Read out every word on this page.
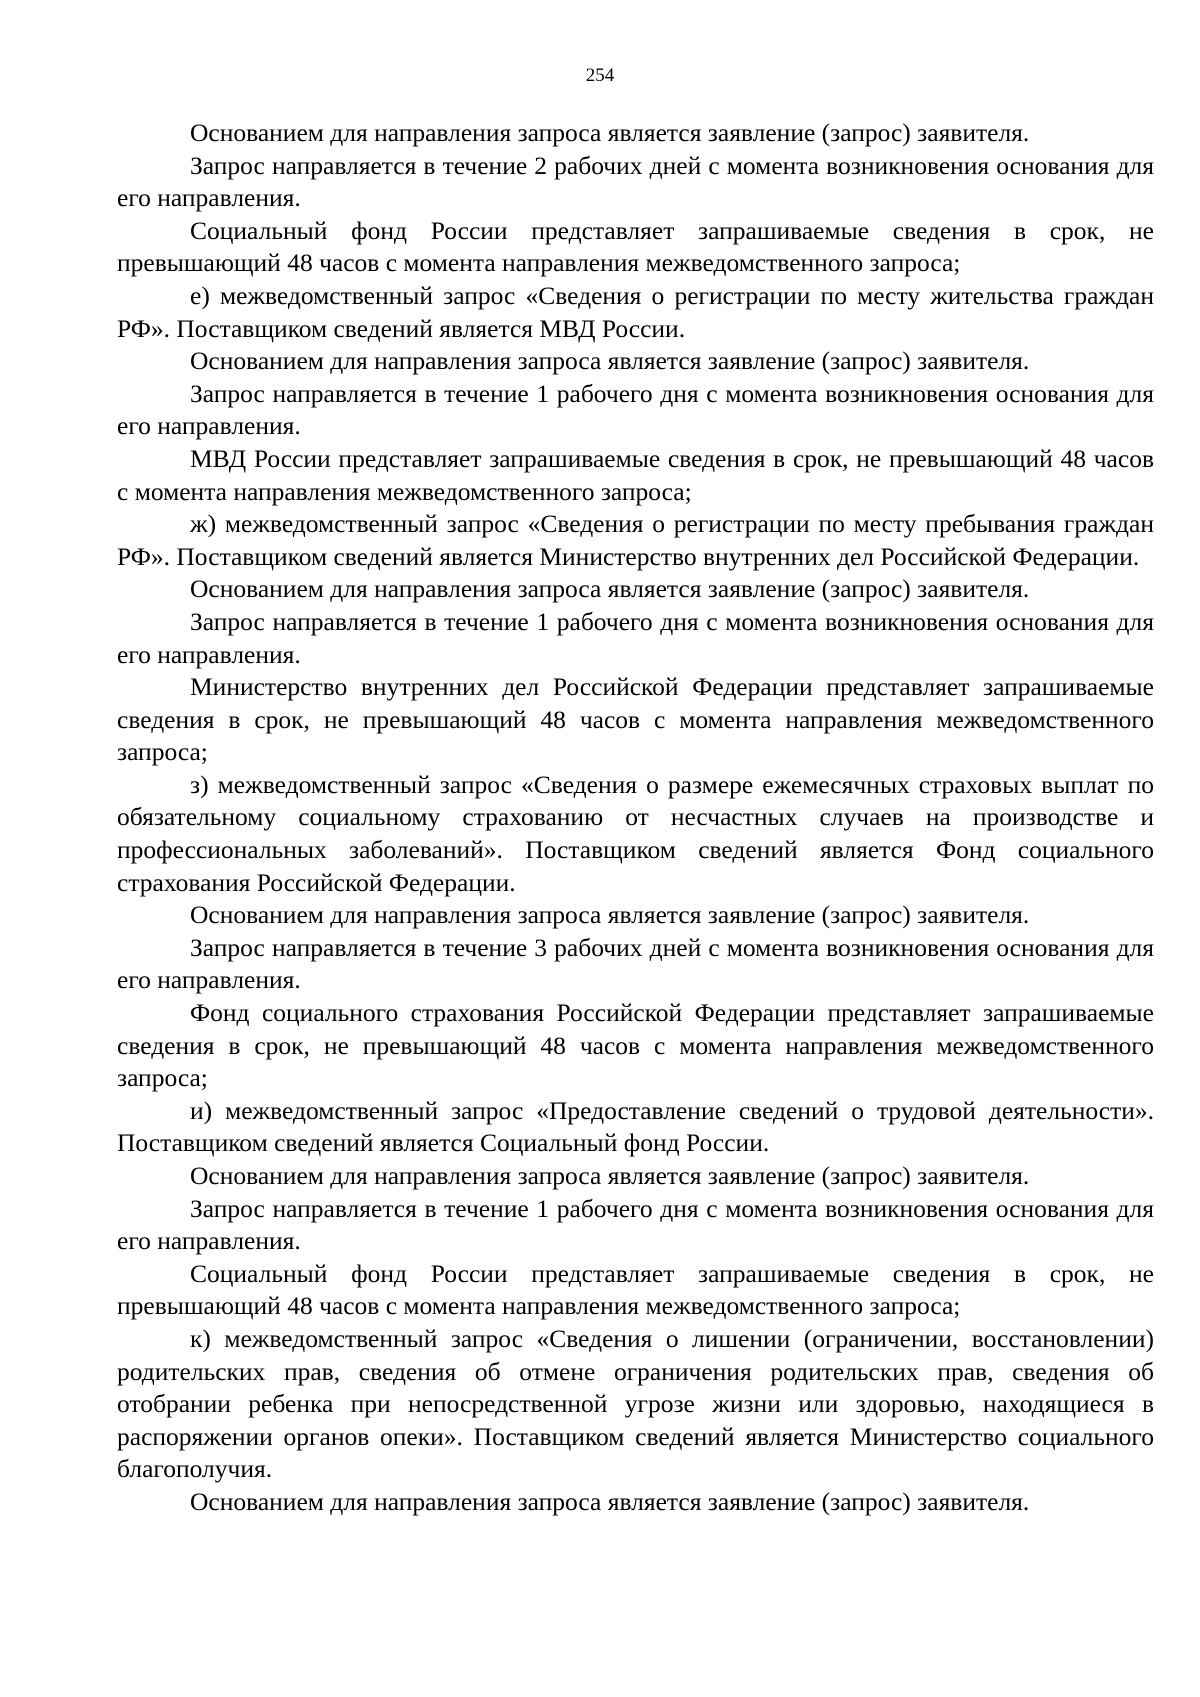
254

Основанием для направления запроса является заявление (запрос) заявителя.

Запрос направляется в течение 2 рабочих дней с момента возникновения основания для его направления.

Социальный фонд России представляет запрашиваемые сведения в срок, не превышающий 48 часов с момента направления межведомственного запроса;

е) межведомственный запрос «Сведения о регистрации по месту жительства граждан РФ». Поставщиком сведений является МВД России.

Основанием для направления запроса является заявление (запрос) заявителя.

Запрос направляется в течение 1 рабочего дня с момента возникновения основания для его направления.

МВД России представляет запрашиваемые сведения в срок, не превышающий 48 часов с момента направления межведомственного запроса;

ж) межведомственный запрос «Сведения о регистрации по месту пребывания граждан РФ». Поставщиком сведений является Министерство внутренних дел Российской Федерации.

Основанием для направления запроса является заявление (запрос) заявителя.

Запрос направляется в течение 1 рабочего дня с момента возникновения основания для его направления.

Министерство внутренних дел Российской Федерации представляет запрашиваемые сведения в срок, не превышающий 48 часов с момента направления межведомственного запроса;

з) межведомственный запрос «Сведения о размере ежемесячных страховых выплат по обязательному социальному страхованию от несчастных случаев на производстве и профессиональных заболеваний». Поставщиком сведений является Фонд социального страхования Российской Федерации.

Основанием для направления запроса является заявление (запрос) заявителя.

Запрос направляется в течение 3 рабочих дней с момента возникновения основания для его направления.

Фонд социального страхования Российской Федерации представляет запрашиваемые сведения в срок, не превышающий 48 часов с момента направления межведомственного запроса;

и) межведомственный запрос «Предоставление сведений о трудовой деятельности». Поставщиком сведений является Социальный фонд России.

Основанием для направления запроса является заявление (запрос) заявителя.

Запрос направляется в течение 1 рабочего дня с момента возникновения основания для его направления.

Социальный фонд России представляет запрашиваемые сведения в срок, не превышающий 48 часов с момента направления межведомственного запроса;

к) межведомственный запрос «Сведения о лишении (ограничении, восстановлении) родительских прав, сведения об отмене ограничения родительских прав, сведения об отобрании ребенка при непосредственной угрозе жизни или здоровью, находящиеся в распоряжении органов опеки». Поставщиком сведений является Министерство социального благополучия.

Основанием для направления запроса является заявление (запрос) заявителя.
